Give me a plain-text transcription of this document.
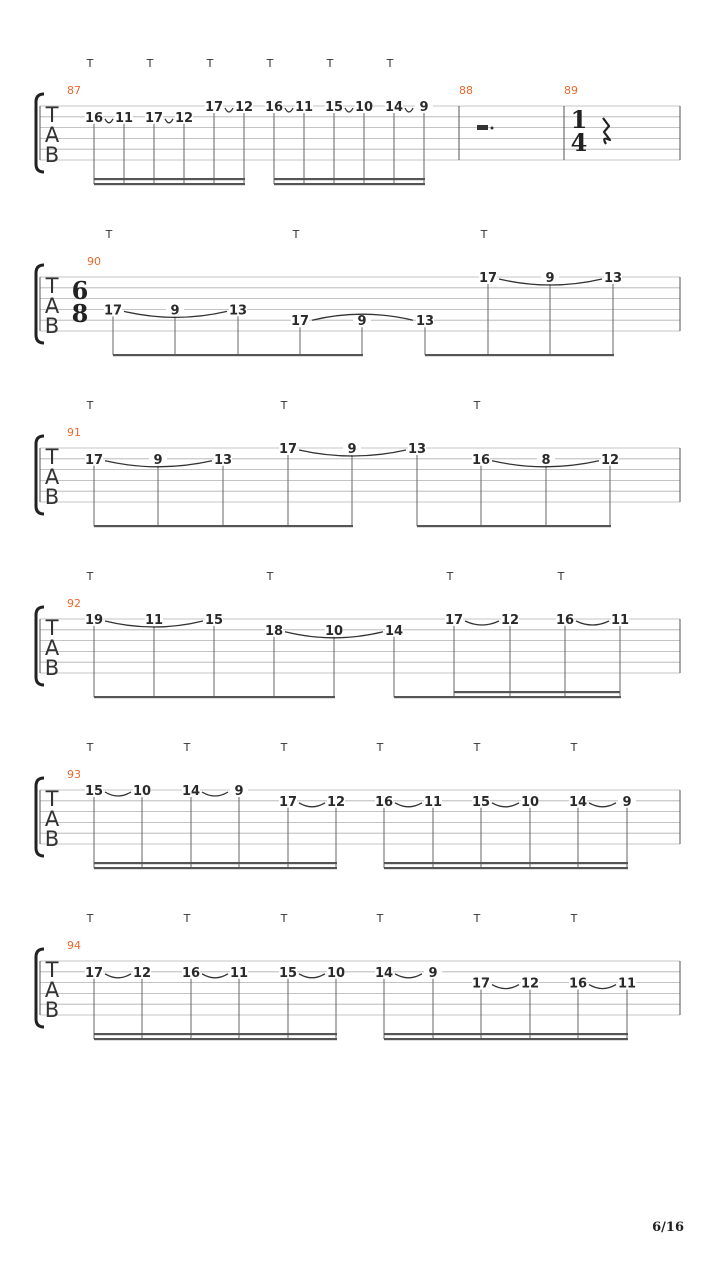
T
A
B
87
16
T
11 17
T
12
17
T
12 16
T
11 15
T
10 14
T
9
88	89
1
4
T
A
B
90
6
8 17
T
9	13
17
T
9	13
17
T
9	13
T
A
B
91
17
T
9	13
17
T
9	13
16
T
8	12
T
A
B
92
19
T
11	15
18
T
10	14
17
T
12	16
T
11
T
A
B
93
15
T
10 14
T
9
17
T
12 16
T
11 15
T
10 14
T
9
T
A
B
94
17
T
12 16
T
11 15
T
10 14
T
9
17
T
12 16
T
11
6/16
